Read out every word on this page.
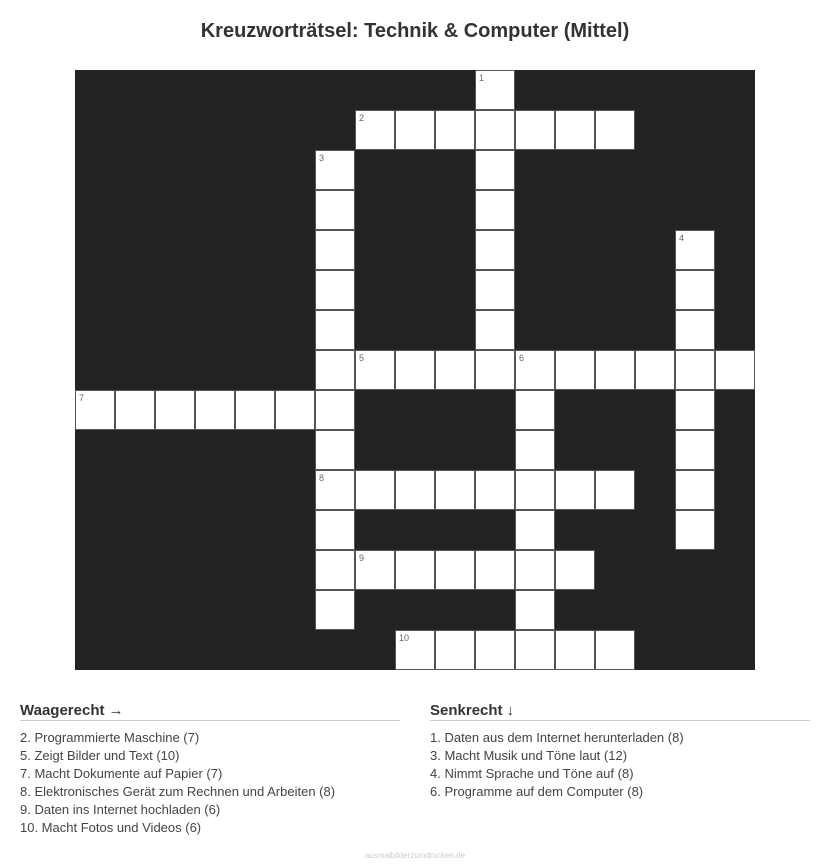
Kreuzworträtsel: Technik & Computer (Mittel)
1
2
3
8
4
5	6
7
9
10
Waagerecht →
2. Programmierte Maschine (7)
5. Zeigt Bilder und Text (10)
7. Macht Dokumente auf Papier (7)
8. Elektronisches Gerät zum Rechnen und Arbeiten (8)
9. Daten ins Internet hochladen (6)
10. Macht Fotos und Videos (6)
Senkrecht ↓
1. Daten aus dem Internet herunterladen (8)
3. Macht Musik und Töne laut (12)
4. Nimmt Sprache und Töne auf (8)
6. Programme auf dem Computer (8)
ausmalbilderzumdrucken.de
